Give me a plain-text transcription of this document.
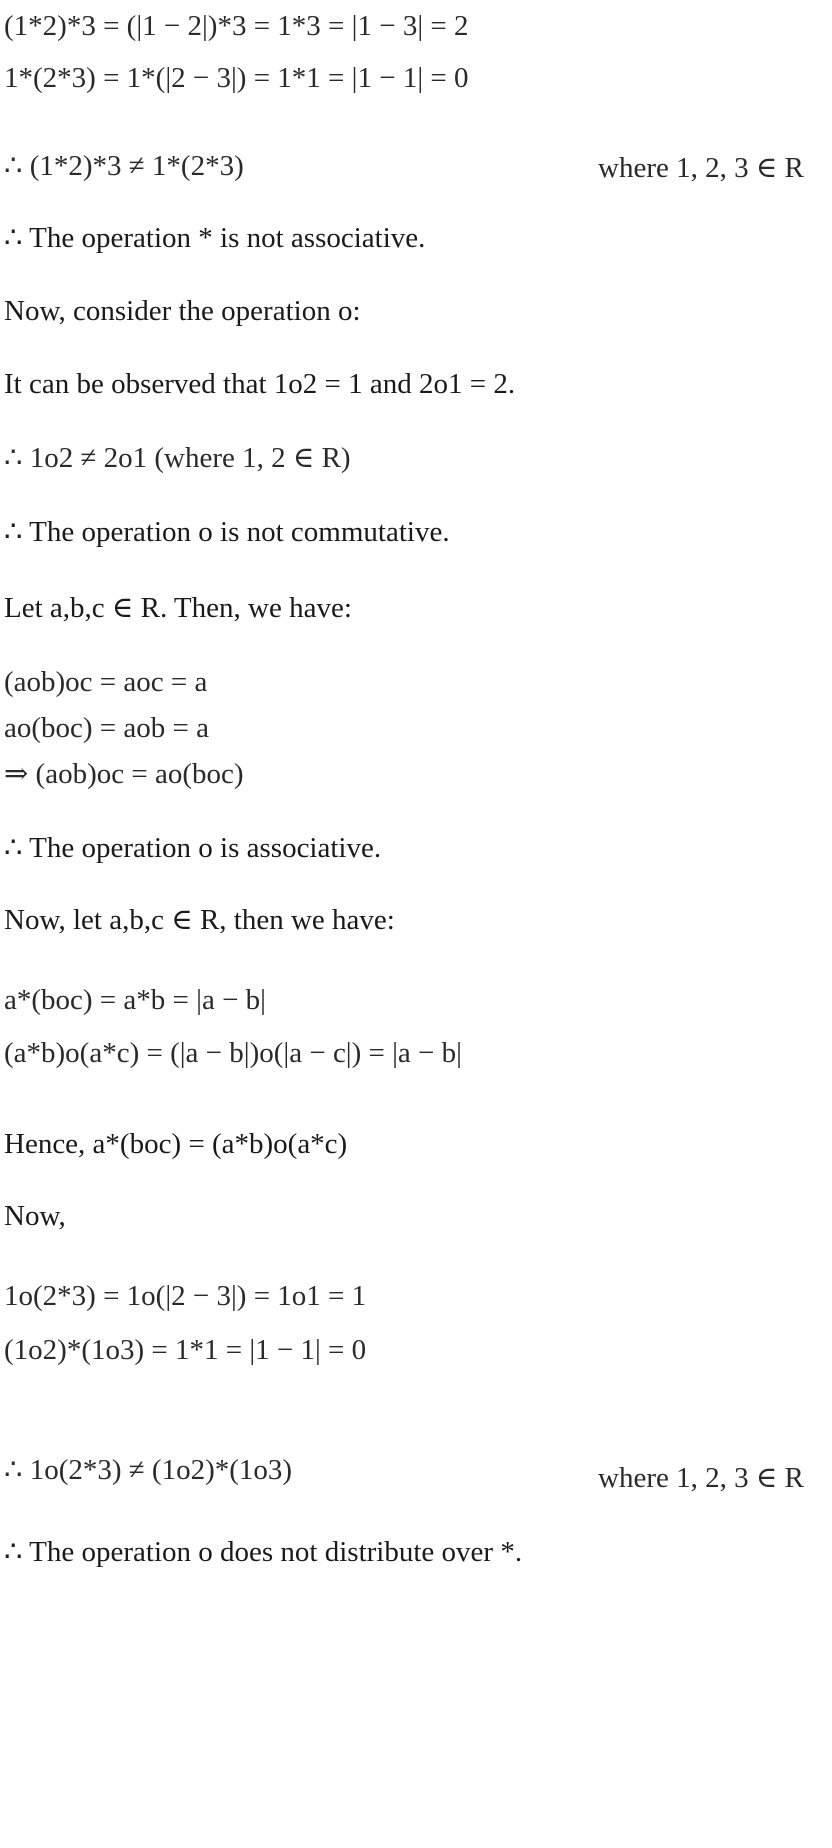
(1*2)*3 = (|1 − 2|)*3 = 1*3 = |1 − 3| = 2
1*(2*3) = 1*(|2 − 3|) = 1*1 = |1 − 1| = 0
∴ (1*2)*3 ≠ 1*(2*3)	where 1, 2, 3 ∈ R
∴ The operation * is not associative.
Now, consider the operation o:
It can be observed that 1o2 = 1 and 2o1 = 2.
∴ 1o2 ≠ 2o1 (where 1, 2 ∈ R)
∴ The operation o is not commutative.
Let a,b,c ∈ R. Then, we have:
(aob)oc = aoc = a
ao(boc) = aob = a
⇒ (aob)oc = ao(boc)
∴ The operation o is associative.
Now, let a,b,c ∈ R, then we have:
a*(boc) = a*b = |a − b|
(a*b)o(a*c) = (|a − b|)o(|a − c|) = |a − b|
Hence, a*(boc) = (a*b)o(a*c)
Now,
1o(2*3) = 1o(|2 − 3|) = 1o1 = 1
(1o2)*(1o3) = 1*1 = |1 − 1| = 0
∴ 1o(2*3) ≠ (1o2)*(1o3)	where 1, 2, 3 ∈ R
∴ The operation o does not distribute over *.
